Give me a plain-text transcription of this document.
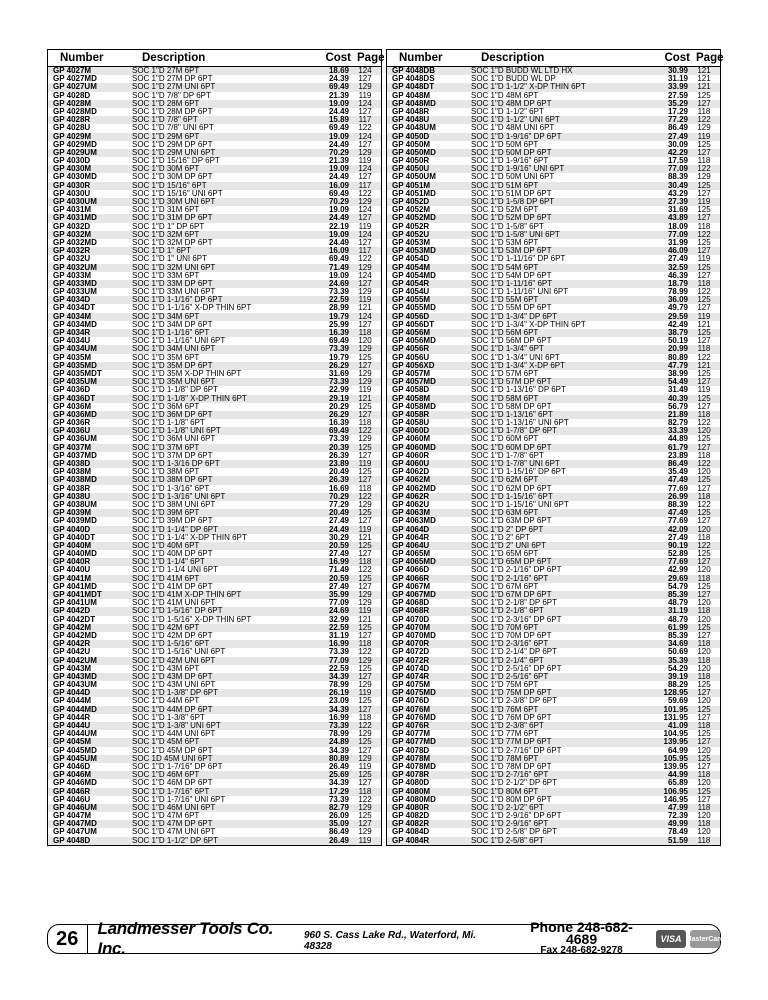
Number	Description	Cost Page
GP 4027M	SOC 1"D 27M 6PT	18.69	124
GP 4027MD	SOC 1"D 27M DP 6PT	24.39	127
GP 4027UM	SOC 1"D 27M UNI 6PT	69.49	129
GP 4028D	SOC 1"D 7/8" DP 6PT	21.39	119
GP 4028M	SOC 1"D 28M 6PT	19.09	124
GP 4028MD	SOC 1"D 28M DP 6PT	24.49	127
GP 4028R	SOC 1"D 7/8" 6PT	15.89	117
GP 4028U	SOC 1"D 7/8" UNI 6PT	69.49	122
GP 4029M	SOC 1"D 29M 6PT	19.09	124
GP 4029MD	SOC 1"D 29M DP 6PT	24.49	127
GP 4029UM	SOC 1"D 29M UNI 6PT	70.29	129
GP 4030D	SOC 1"D 15/16" DP 6PT	21.39	119
GP 4030M	SOC 1"D 30M 6PT	19.09	124
GP 4030MD	SOC 1"D 30M DP 6PT	24.49	127
GP 4030R	SOC 1"D 15/16" 6PT	16.09	117
GP 4030U	SOC 1"D 15/16" UNI 6PT	69.49	122
GP 4030UM	SOC 1"D 30M UNI 6PT	70.29	129
GP 4031M	SOC 1"D 31M 6PT	19.09	124
GP 4031MD	SOC 1"D 31M DP 6PT	24.49	127
GP 4032D	SOC 1"D 1" DP 6PT	22.19	119
GP 4032M	SOC 1"D 32M 6PT	19.09	124
GP 4032MD	SOC 1"D 32M DP 6PT	24.49	127
GP 4032R	SOC 1"D 1" 6PT	16.09	117
GP 4032U	SOC 1"D 1" UNI 6PT	69.49	122
GP 4032UM	SOC 1"D 32M UNI 6PT	71.49	129
GP 4033M	SOC 1"D 33M 6PT	19.09	124
GP 4033MD	SOC 1"D 33M DP 6PT	24.69	127
GP 4033UM	SOC 1"D 33M UNI 6PT	73.39	129
GP 4034D	SOC 1"D 1-1/16" DP 6PT	22.59	119
GP 4034DT	SOC 1"D 1-1/16" X-DP THIN 6PT	28.99	121
GP 4034M	SOC 1"D 34M 6PT	19.79	124
GP 4034MD	SOC 1"D 34M DP 6PT	25.99	127
GP 4034R	SOC 1"D 1-1/16" 6PT	16.39	118
GP 4034U	SOC 1"D 1-1/16" UNI 6PT	69.49	120
GP 4034UM	SOC 1"D 34M UNI 6PT	73.39	129
GP 4035M	SOC 1"D 35M 6PT	19.79	125
GP 4035MD	SOC 1"D 35M DP 6PT	26.29	127
GP 4035MDT	SOC 1"D 35M X-DP THIN 6PT	31.69	129
GP 4035UM	SOC 1"D 35M UNI 6PT	73.39	129
GP 4036D	SOC 1"D 1-1/8" DP 6PT	22.99	119
GP 4036DT	SOC 1"D 1-1/8" X-DP THIN 6PT	29.19	121
GP 4036M	SOC 1"D 36M 6PT	20.29	125
GP 4036MD	SOC 1"D 36M DP 6PT	26.29	127
GP 4036R	SOC 1"D 1-1/8" 6PT	16.39	118
GP 4036U	SOC 1"D 1-1/8" UNI 6PT	69.49	122
GP 4036UM	SOC 1"D 36M UNI 6PT	73.39	129
GP 4037M	SOC 1"D 37M 6PT	20.39	125
GP 4037MD	SOC 1"D 37M DP 6PT	26.39	127
GP 4038D	SOC 1"D 1-3/16 DP 6PT	23.89	119
GP 4038M	SOC 1"D 38M 6PT	20.49	125
GP 4038MD	SOC 1"D 38M DP 6PT	26.39	127
GP 4038R	SOC 1"D 1-3/16" 6PT	16.69	118
GP 4038U	SOC 1"D 1-3/16" UNI 6PT	70.29	122
GP 4038UM	SOC 1"D 38M UNI 6PT	77.29	129
GP 4039M	SOC 1"D 39M 6PT	20.49	125
GP 4039MD	SOC 1"D 39M DP 6PT	27.49	127
GP 4040D	SOC 1"D 1-1/4" DP 6PT	24.49	119
GP 4040DT	SOC 1"D 1-1/4" X-DP THIN 6PT	30.29	121
GP 4040M	SOC 1"D 40M 6PT	20.59	125
GP 4040MD	SOC 1"D 40M DP 6PT	27.49	127
GP 4040R	SOC 1"D 1-1/4" 6PT	16.99	118
GP 4040U	SOC 1"D 1-1/4 UNI 6PT	71.49	122
GP 4041M	SOC 1"D 41M 6PT	20.59	125
GP 4041MD	SOC 1"D 41M DP 6PT	27.49	127
GP 4041MDT	SOC 1"D 41M X-DP THIN 6PT	35.99	129
GP 4041UM	SOC 1"D 41M UNI 6PT	77.09	129
GP 4042D	SOC 1"D 1-5/16" DP 6PT	24.69	119
GP 4042DT	SOC 1"D 1-5/16" X-DP THIN 6PT	32.99	121
GP 4042M	SOC 1"D 42M 6PT	22.59	125
GP 4042MD	SOC 1"D 42M DP 6PT	31.19	127
GP 4042R	SOC 1"D 1-5/16" 6PT	16.99	118
GP 4042U	SOC 1"D 1-5/16" UNI 6PT	73.39	122
GP 4042UM	SOC 1"D 42M UNI 6PT	77.09	129
GP 4043M	SOC 1"D 43M 6PT	22.59	125
GP 4043MD	SOC 1"D 43M DP 6PT	34.39	127
GP 4043UM	SOC 1"D 43M UNI 6PT	78.99	129
GP 4044D	SOC 1"D 1-3/8" DP 6PT	26.19	119
GP 4044M	SOC 1"D 44M 6PT	23.09	125
GP 4044MD	SOC 1"D 44M DP 6PT	34.39	127
GP 4044R	SOC 1"D 1-3/8" 6PT	16.99	118
GP 4044U	SOC 1"D 1-3/8" UNI 6PT	73.39	122
GP 4044UM	SOC 1"D 44M UNI 6PT	78.99	129
GP 4045M	SOC 1"D 45M 6PT	24.89	125
GP 4045MD	SOC 1"D 45M DP 6PT	34.39	127
GP 4045UM	SOC 1D 45M UNI 6PT	80.89	129
GP 4046D	SOC 1"D 1-7/16" DP 6PT	26.49	119
GP 4046M	SOC 1"D 46M 6PT	25.69	125
GP 4046MD	SOC 1"D 46M DP 6PT	34.39	127
GP 4046R	SOC 1"D 1-7/16" 6PT	17.29	118
GP 4046U	SOC 1"D 1-7/16" UNI 6PT	73.39	122
GP 4046UM	SOC 1"D 46M UNI 6PT	82.79	129
GP 4047M	SOC 1"D 47M 6PT	26.09	125
GP 4047MD	SOC 1"D 47M DP 6PT	35.09	127
GP 4047UM	SOC 1"D 47M UNI 6PT	86.49	129
GP 4048D	SOC 1"D 1-1/2" DP 6PT	26.49	119
Number	Description	Cost Page
GP 4048DB	SOC 1"D BUDD WL LTD HX	30.99	121
GP 4048DS	SOC 1"D BUDD WL DP	31.19	121
GP 4048DT	SOC 1"D 1-1/2" X-DP THIN 6PT	33.99	121
GP 4048M	SOC 1"D 48M 6PT	27.59	125
GP 4048MD	SOC 1"D 48M DP 6PT	35.29	127
GP 4048R	SOC 1"D 1-1/2" 6PT	17.29	118
GP 4048U	SOC 1"D 1-1/2" UNI 6PT	77.29	122
GP 4048UM	SOC 1"D 48M UNI 6PT	86.49	129
GP 4050D	SOC 1"D 1-9/16" DP 6PT	27.49	119
GP 4050M	SOC 1"D 50M 6PT	30.09	125
GP 4050MD	SOC 1"D 50M DP 6PT	42.29	127
GP 4050R	SOC 1"D 1-9/16" 6PT	17.59	118
GP 4050U	SOC 1"D 1-9/16" UNI 6PT	77.09	122
GP 4050UM	SOC 1"D 50M UNI 6PT	88.39	129
GP 4051M	SOC 1"D 51M 6PT	30.49	125
GP 4051MD	SOC 1"D 51M DP 6PT	43.29	127
GP 4052D	SOC 1"D 1-5/8 DP 6PT	27.39	119
GP 4052M	SOC 1"D 52M 6PT	31.69	125
GP 4052MD	SOC 1"D 52M DP 6PT	43.89	127
GP 4052R	SOC 1"D 1-5/8" 6PT	18.09	118
GP 4052U	SOC 1"D 1-5/8" UNI 6PT	77.09	122
GP 4053M	SOC 1"D 53M 6PT	31.99	125
GP 4053MD	SOC 1"D 53M DP 6PT	46.09	127
GP 4054D	SOC 1"D 1-11/16" DP 6PT	27.49	119
GP 4054M	SOC 1"D 54M 6PT	32.59	125
GP 4054MD	SOC 1"D 54M DP 6PT	46.39	127
GP 4054R	SOC 1"D 1-11/16" 6PT	18.79	118
GP 4054U	SOC 1"D 1-11/16" UNI 6PT	78.99	122
GP 4055M	SOC 1"D 55M 6PT	36.09	125
GP 4055MD	SOC 1"D 55M DP 6PT	49.79	127
GP 4056D	SOC 1"D 1-3/4" DP 6PT	29.59	119
GP 4056DT	SOC 1"D 1-3/4" X-DP THIN 6PT	42.49	121
GP 4056M	SOC 1"D 56M 6PT	38.79	125
GP 4056MD	SOC 1"D 56M DP 6PT	50.19	127
GP 4056R	SOC 1"D 1-3/4" 6PT	20.99	118
GP 4056U	SOC 1"D 1-3/4" UNI 6PT	80.89	122
GP 4056XD	SOC 1"D 1-3/4" X-DP 6PT	47.79	121
GP 4057M	SOC 1"D 57M 6PT	38.99	125
GP 4057MD	SOC 1"D 57M DP 6PT	54.49	127
GP 4058D	SOC 1"D 1-13/16" DP 6PT	31.49	119
GP 4058M	SOC 1"D 58M 6PT	40.39	125
GP 4058MD	SOC 1"D 58M DP 6PT	56.79	127
GP 4058R	SOC 1"D 1-13/16" 6PT	21.89	118
GP 4058U	SOC 1"D 1-13/16" UNI 6PT	82.79	122
GP 4060D	SOC 1"D 1-7/8" DP 6PT	33.39	120
GP 4060M	SOC 1"D 60M 6PT	44.89	125
GP 4060MD	SOC 1"D 60M DP 6PT	61.79	127
GP 4060R	SOC 1"D 1-7/8" 6PT	23.89	118
GP 4060U	SOC 1"D 1-7/8" UNI 6PT	86.49	122
GP 4062D	SOC 1"D 1-15/16" DP 6PT	35.49	120
GP 4062M	SOC 1"D 62M 6PT	47.49	125
GP 4062MD	SOC 1"D 62M DP 6PT	77.69	127
GP 4062R	SOC 1"D 1-15/16" 6PT	26.99	118
GP 4062U	SOC 1"D 1-15/16" UNI 6PT	88.39	122
GP 4063M	SOC 1"D 63M 6PT	47.49	125
GP 4063MD	SOC 1"D 63M DP 6PT	77.69	127
GP 4064D	SOC 1"D 2" DP 6PT	42.09	120
GP 4064R	SOC 1"D 2" 6PT	27.49	118
GP 4064U	SOC 1"D 2" UNI 6PT	90.19	122
GP 4065M	SOC 1"D 65M 6PT	52.89	125
GP 4065MD	SOC 1"D 65M DP 6PT	77.69	127
GP 4066D	SOC 1"D 2-1/16" DP 6PT	42.99	120
GP 4066R	SOC 1"D 2-1/16" 6PT	29.69	118
GP 4067M	SOC 1"D 67M 6PT	54.79	125
GP 4067MD	SOC 1"D 67M DP 6PT	85.39	127
GP 4068D	SOC 1"D 2-1/8" DP 6PT	48.79	120
GP 4068R	SOC 1"D 2-1/8" 6PT	31.19	118
GP 4070D	SOC 1"D 2-3/16" DP 6PT	48.79	120
GP 4070M	SOC 1"D 70M 6PT	61.99	125
GP 4070MD	SOC 1"D 70M DP 6PT	85.39	127
GP 4070R	SOC 1"D 2-3/16" 6PT	34.69	118
GP 4072D	SOC 1"D 2-1/4" DP 6PT	50.69	120
GP 4072R	SOC 1"D 2-1/4" 6PT	35.39	118
GP 4074D	SOC 1"D 2-5/16" DP 6PT	54.29	120
GP 4074R	SOC 1"D 2-5/16" 6PT	39.19	118
GP 4075M	SOC 1"D 75M 6PT	88.29	125
GP 4075MD	SOC 1"D 75M DP 6PT	128.95	127
GP 4076D	SOC 1"D 2-3/8" DP 6PT	59.69	120
GP 4076M	SOC 1"D 76M 6PT	101.95	125
GP 4076MD	SOC 1"D 76M DP 6PT	131.95	127
GP 4076R	SOC 1"D 2-3/8" 6PT	41.09	118
GP 4077M	SOC 1"D 77M 6PT	104.95	125
GP 4077MD	SOC 1"D 77M DP 6PT	139.95	127
GP 4078D	SOC 1"D 2-7/16" DP 6PT	64.99	120
GP 4078M	SOC 1"D 78M 6PT	105.95	125
GP 4078MD	SOC 1"D 78M DP 6PT	139.95	127
GP 4078R	SOC 1"D 2-7/16" 6PT	44.99	118
GP 4080D	SOC 1"D 2-1/2" DP 6PT	65.89	120
GP 4080M	SOC 1"D 80M 6PT	106.95	125
GP 4080MD	SOC 1"D 80M DP 6PT	146.95	127
GP 4080R	SOC 1"D 2-1/2" 6PT	47.99	118
GP 4082D	SOC 1"D 2-9/16" DP 6PT	72.39	120
GP 4082R	SOC 1"D 2-9/16" 6PT	49.99	118
GP 4084D	SOC 1"D 2-5/8" DP 6PT	78.49	120
GP 4084R	SOC 1"D 2-5/8" 6PT	51.59	118
26	Landmesser Tools Co. Inc.
960 S. Cass Lake Rd., Waterford, Mi. 48328
Phone 248-682-4689
Fax 248-682-9278
VISA MasterCard
